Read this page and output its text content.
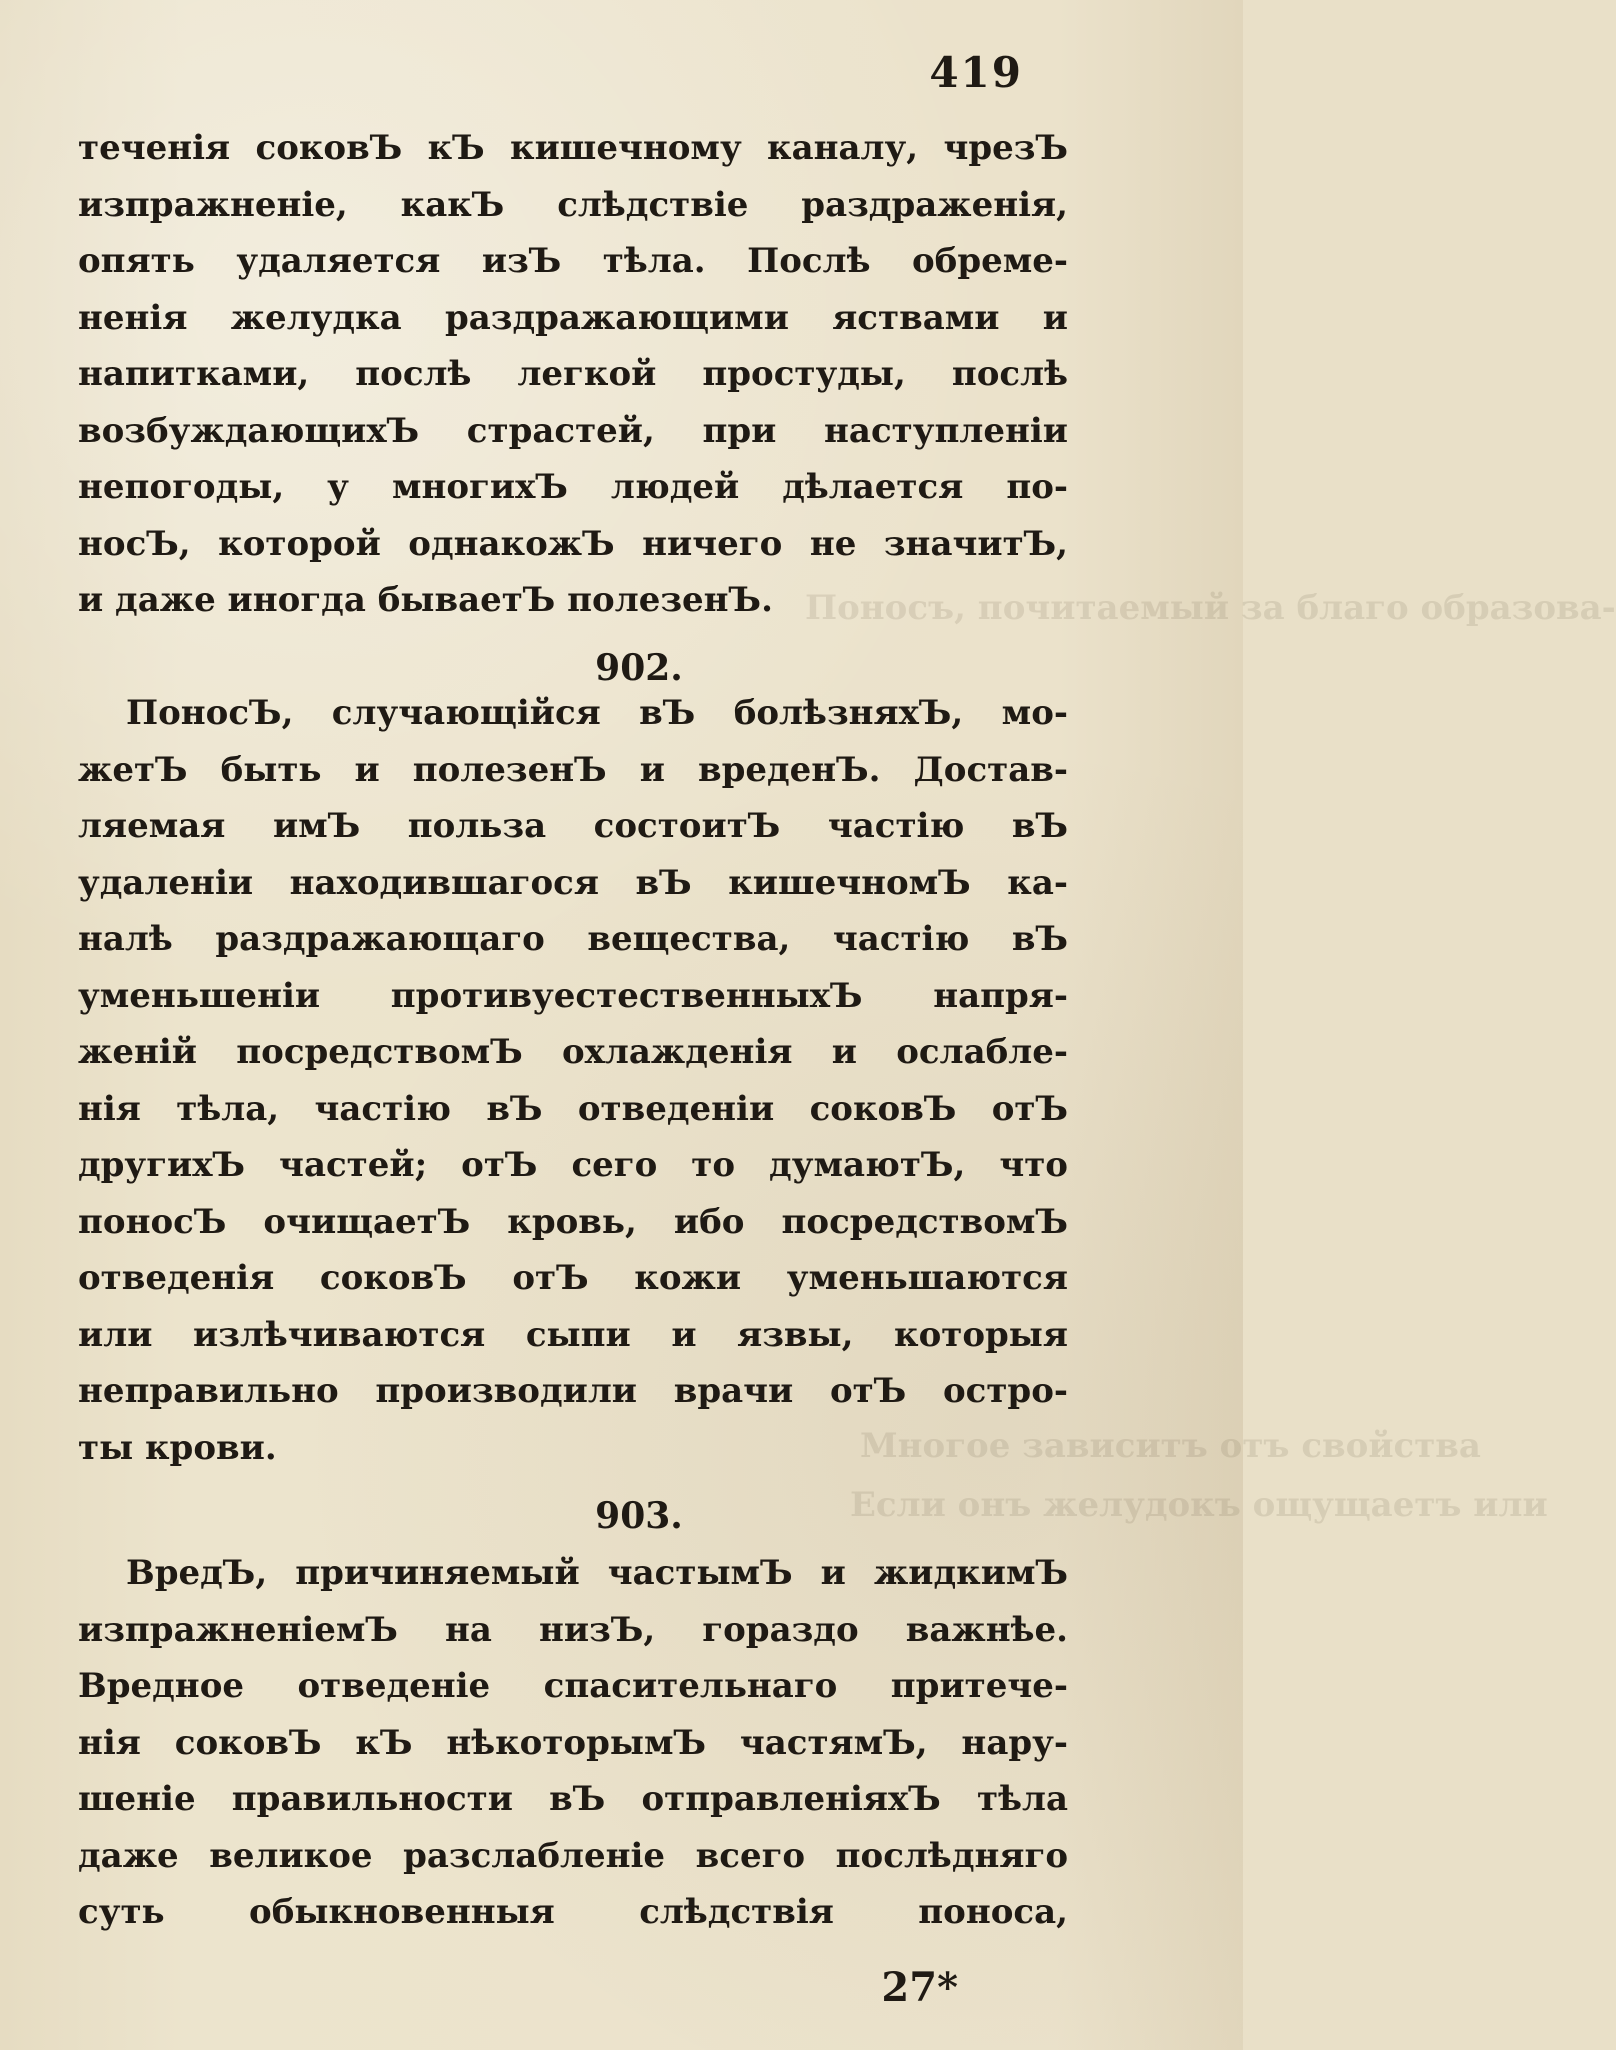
419
Поносъ, почитаемый за благо образова-
Многое зависитъ отъ свойства
Если онъ желудокъ ощущаетъ или
теченія соковЪ кЪ кишечному каналу, чрезЪ
изпражненіе, какЪ слѣдствіе раздраженія,
опять удаляется изЪ тѣла. Послѣ обреме-
ненія желудка раздражающими яствами и
напитками, послѣ легкой простуды, послѣ
возбуждающихЪ страстей, при наступленіи
непогоды, у многихЪ людей дѣлается по-
носЪ, которой однакожЪ ничего не значитЪ,
и даже иногда бываетЪ полезенЪ.
902.
ПоносЪ, случающійся вЪ болѣзняхЪ, мо-
жетЪ быть и полезенЪ и вреденЪ. Достав-
ляемая имЪ польза состоитЪ частію вЪ
удаленіи находившагося вЪ кишечномЪ ка-
налѣ раздражающаго вещества, частію вЪ
уменьшеніи противуестественныхЪ напря-
женій посредствомЪ охлажденія и ослабле-
нія тѣла, частію вЪ отведеніи соковЪ отЪ
другихЪ частей; отЪ сего то думаютЪ, что
поносЪ очищаетЪ кровь, ибо посредствомЪ
отведенія соковЪ отЪ кожи уменьшаются
или излѣчиваются сыпи и язвы, которыя
неправильно производили врачи отЪ остро-
ты крови.
903.
ВредЪ, причиняемый частымЪ и жидкимЪ
изпражненіемЪ на низЪ, гораздо важнѣе.
Вредное отведеніе спасительнаго притече-
нія соковЪ кЪ нѣкоторымЪ частямЪ, нару-
шеніе правильности вЪ отправленіяхЪ тѣла
даже великое разслабленіе всего послѣдняго
суть обыкновенныя слѣдствія поноса,
27*
